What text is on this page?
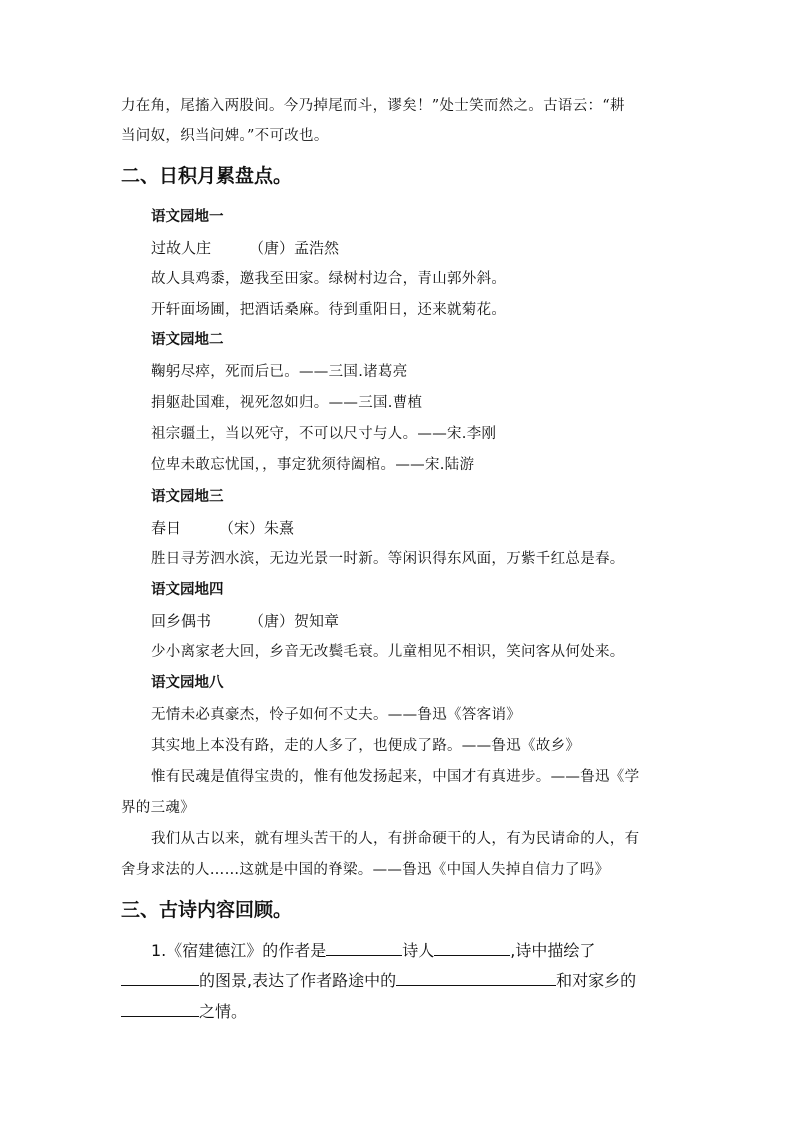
力在角，尾搐入两股间。今乃掉尾而斗，谬矣！”处士笑而然之。古语云：“耕
当问奴，织当问婢。”不可改也。
二、日积月累盘点。
语文园地一
过故人庄	（唐）孟浩然
故人具鸡黍，邀我至田家。绿树村边合，青山郭外斜。
开轩面场圃，把酒话桑麻。待到重阳日，还来就菊花。
语文园地二
鞠躬尽瘁，死而后已。——三国.诸葛亮
捐躯赴国难，视死忽如归。——三国.曹植
祖宗疆土，当以死守，不可以尺寸与人。——宋.李刚
位卑未敢忘忧国，，事定犹须待阖棺。——宋.陆游
语文园地三
春日	（宋）朱熹
胜日寻芳泗水滨，无边光景一时新。等闲识得东风面，万紫千红总是春。
语文园地四
回乡偶书	（唐）贺知章
少小离家老大回，乡音无改鬓毛衰。儿童相见不相识，笑问客从何处来。
语文园地八
无情未必真豪杰，怜子如何不丈夫。——鲁迅《答客诮》
其实地上本没有路，走的人多了，也便成了路。——鲁迅《故乡》
惟有民魂是值得宝贵的，惟有他发扬起来，中国才有真进步。——鲁迅《学
界的三魂》
我们从古以来，就有埋头苦干的人，有拼命硬干的人，有为民请命的人，有
舍身求法的人……这就是中国的脊梁。——鲁迅《中国人失掉自信力了吗》
三、古诗内容回顾。
1.《宿建德江》的作者是	诗人	,诗中描绘了
的图景,表达了作者路途中的	和对家乡的
之情。
